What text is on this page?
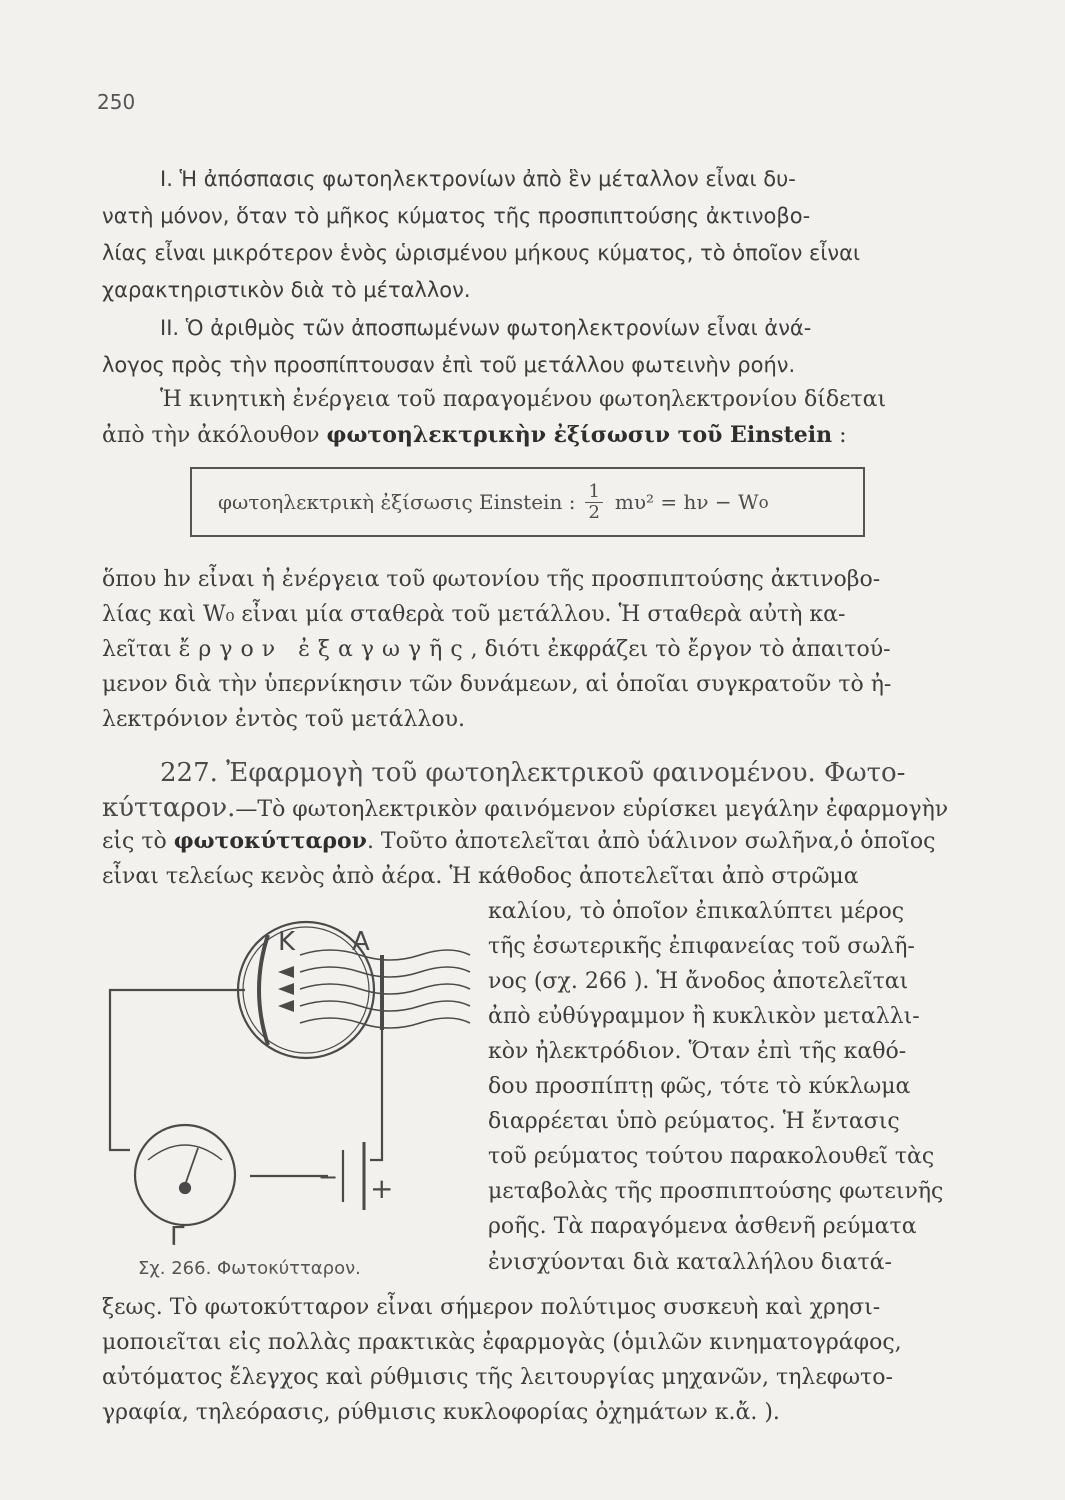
250
I. Ἡ ἀπόσπασις φωτοηλεκτρονίων ἀπὸ ἓν μέταλλον εἶναι δυ-
νατὴ μόνον, ὅταν τὸ μῆκος κύματος τῆς προσπιπτούσης ἀκτινοβο-
λίας εἶναι μικρότερον ἑνὸς ὡρισμένου μήκους κύματος, τὸ ὁποῖον εἶναι
χαρακτηριστικὸν διὰ τὸ μέταλλον.
II. Ὁ ἀριθμὸς τῶν ἀποσπωμένων φωτοηλεκτρονίων εἶναι ἀνά-
λογος πρὸς τὴν προσπίπτουσαν ἐπὶ τοῦ μετάλλου φωτεινὴν ροήν.
Ἡ κινητικὴ ἐνέργεια τοῦ παραγομένου φωτοηλεκτρονίου δίδεται
ἀπὸ τὴν ἀκόλουθον φωτοηλεκτρικὴν ἐξίσωσιν τοῦ Einstein :
φωτοηλεκτρικὴ ἐξίσωσις Einstein : $\frac{1}{2} m\upsilon^2 = h\nu - W$ o
ὅπου hν εἶναι ἡ ἐνέργεια τοῦ φωτονίου τῆς προσπιπτούσης ἀκτινοβο-
λίας καὶ W₀ εἶναι μία σταθερὰ τοῦ μετάλλου. Ἡ σταθερὰ αὐτὴ κα-
λεῖται ἔργον ἐξαγωγῆς, διότι ἐκφράζει τὸ ἔργον τὸ ἀπαιτού-
μενον διὰ τὴν ὑπερνίκησιν τῶν δυνάμεων, αἱ ὁποῖαι συγκρατοῦν τὸ ἠ-
λεκτρόνιον ἐντὸς τοῦ μετάλλου.
227. Ἐφαρμογὴ τοῦ φωτοηλεκτρικοῦ φαινομένου. Φωτο-
κύτταρον.—Τὸ φωτοηλεκτρικὸν φαινόμενον εὑρίσκει μεγάλην ἐφαρμογὴν
εἰς τὸ φωτοκύτταρον. Τοῦτο ἀποτελεῖται ἀπὸ ὑάλινον σωλῆνα,ὁ ὁποῖος
εἶναι τελείως κενὸς ἀπὸ ἀέρα. Ἡ κάθοδος ἀποτελεῖται ἀπὸ στρῶμα
καλίου, τὸ ὁποῖον ἐπικαλύπτει μέρος
τῆς ἐσωτερικῆς ἐπιφανείας τοῦ σωλῆ-
νος (σχ. 266 ). Ἡ ἄνοδος ἀποτελεῖται
ἀπὸ εὐθύγραμμον ἢ κυκλικὸν μεταλλι-
κὸν ἠλεκτρόδιον. Ὅταν ἐπὶ τῆς καθό-
δου προσπίπτῃ φῶς, τότε τὸ κύκλωμα
διαρρέεται ὑπὸ ρεύματος. Ἡ ἔντασις
τοῦ ρεύματος τούτου παρακολουθεῖ τὰς
μεταβολὰς τῆς προσπιπτούσης φωτεινῆς
ροῆς. Τὰ παραγόμενα ἀσθενῆ ρεύματα
ἐνισχύονται διὰ καταλλήλου διατά-
K A
Γ
− +
Σχ. 266. Φωτοκύτταρον.
ξεως. Τὸ φωτοκύτταρον εἶναι σήμερον πολύτιμος συσκευὴ καὶ χρησι-
μοποιεῖται εἰς πολλὰς πρακτικὰς ἐφαρμογὰς (ὁμιλῶν κινηματογράφος,
αὐτόματος ἔλεγχος καὶ ρύθμισις τῆς λειτουργίας μηχανῶν, τηλεφωτο-
γραφία, τηλεόρασις, ρύθμισις κυκλοφορίας ὀχημάτων κ.ἄ. ).
